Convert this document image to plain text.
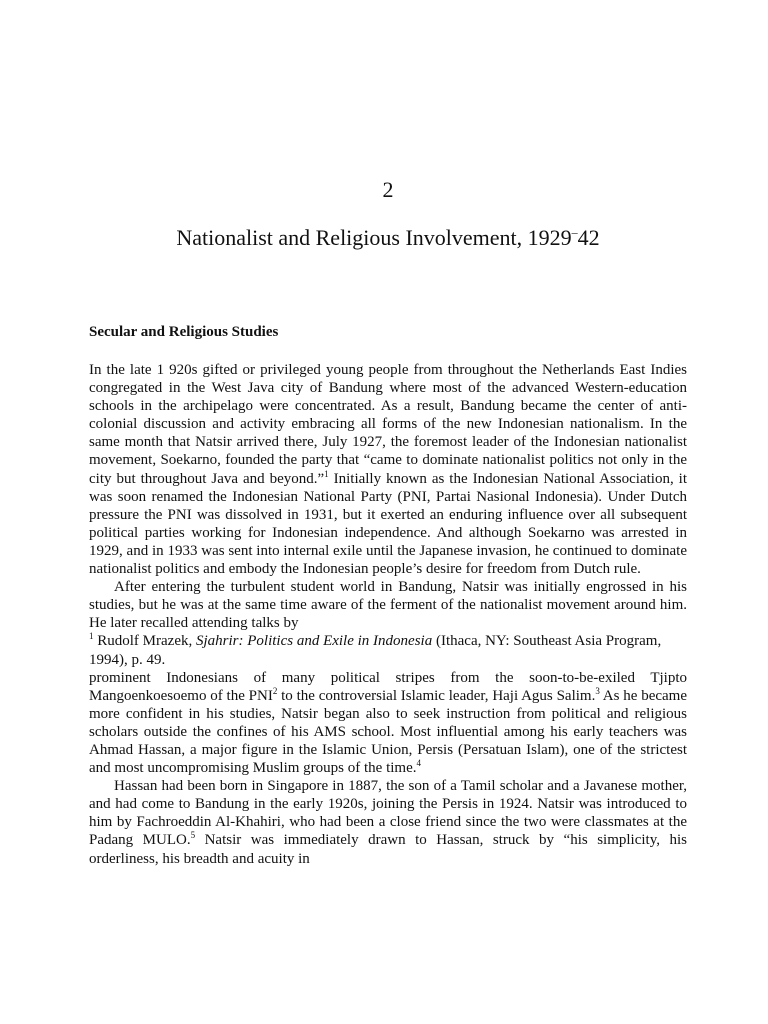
2
Nationalist and Religious Involvement, 1929–42
Secular and Religious Studies

In the late 1 920s gifted or privileged young people from throughout the Netherlands East Indies congregated in the West Java city of Bandung where most of the advanced Western-education schools in the archipelago were concentrated. As a result, Bandung became the center of anti-colonial discussion and activity embracing all forms of the new Indonesian nationalism. In the same month that Natsir arrived there, July 1927, the foremost leader of the Indonesian nationalist movement, Soekarno, founded the party that “came to dominate nationalist politics not only in the city but throughout Java and beyond.”$^1$ Initially known as the Indonesian National Association, it was soon renamed the Indonesian National Party (PNI, Partai Nasional Indonesia). Under Dutch pressure the PNI was dissolved in 1931, but it exerted an enduring influence over all subsequent political parties working for Indonesian independence. And although Soekarno was arrested in 1929, and in 1933 was sent into internal exile until the Japanese invasion, he continued to dominate nationalist politics and embody the Indonesian people’s desire for freedom from Dutch rule.

After entering the turbulent student world in Bandung, Natsir was initially engrossed in his studies, but he was at the same time aware of the ferment of the nationalist movement around him. He later recalled attending talks by

$^1$ Rudolf Mrazek, Sjahrir: Politics and Exile in Indonesia (Ithaca, NY: Southeast Asia Program, 1994), p. 49.

prominent Indonesians of many political stripes from the soon-to-be-exiled Tjipto Mangoenkoesoemo of the PNI$^2$ to the controversial Islamic leader, Haji Agus Salim.$^3$ As he became more confident in his studies, Natsir began also to seek instruction from political and religious scholars outside the confines of his AMS school. Most influential among his early teachers was Ahmad Hassan, a major figure in the Islamic Union, Persis (Persatuan Islam), one of the strictest and most uncompromising Muslim groups of the time.$^4$

Hassan had been born in Singapore in 1887, the son of a Tamil scholar and a Javanese mother, and had come to Bandung in the early 1920s, joining the Persis in 1924. Natsir was introduced to him by Fachroeddin Al-Khahiri, who had been a close friend since the two were classmates at the Padang MULO.$^5$ Natsir was immediately drawn to Hassan, struck by “his simplicity, his orderliness, his breadth and acuity in
